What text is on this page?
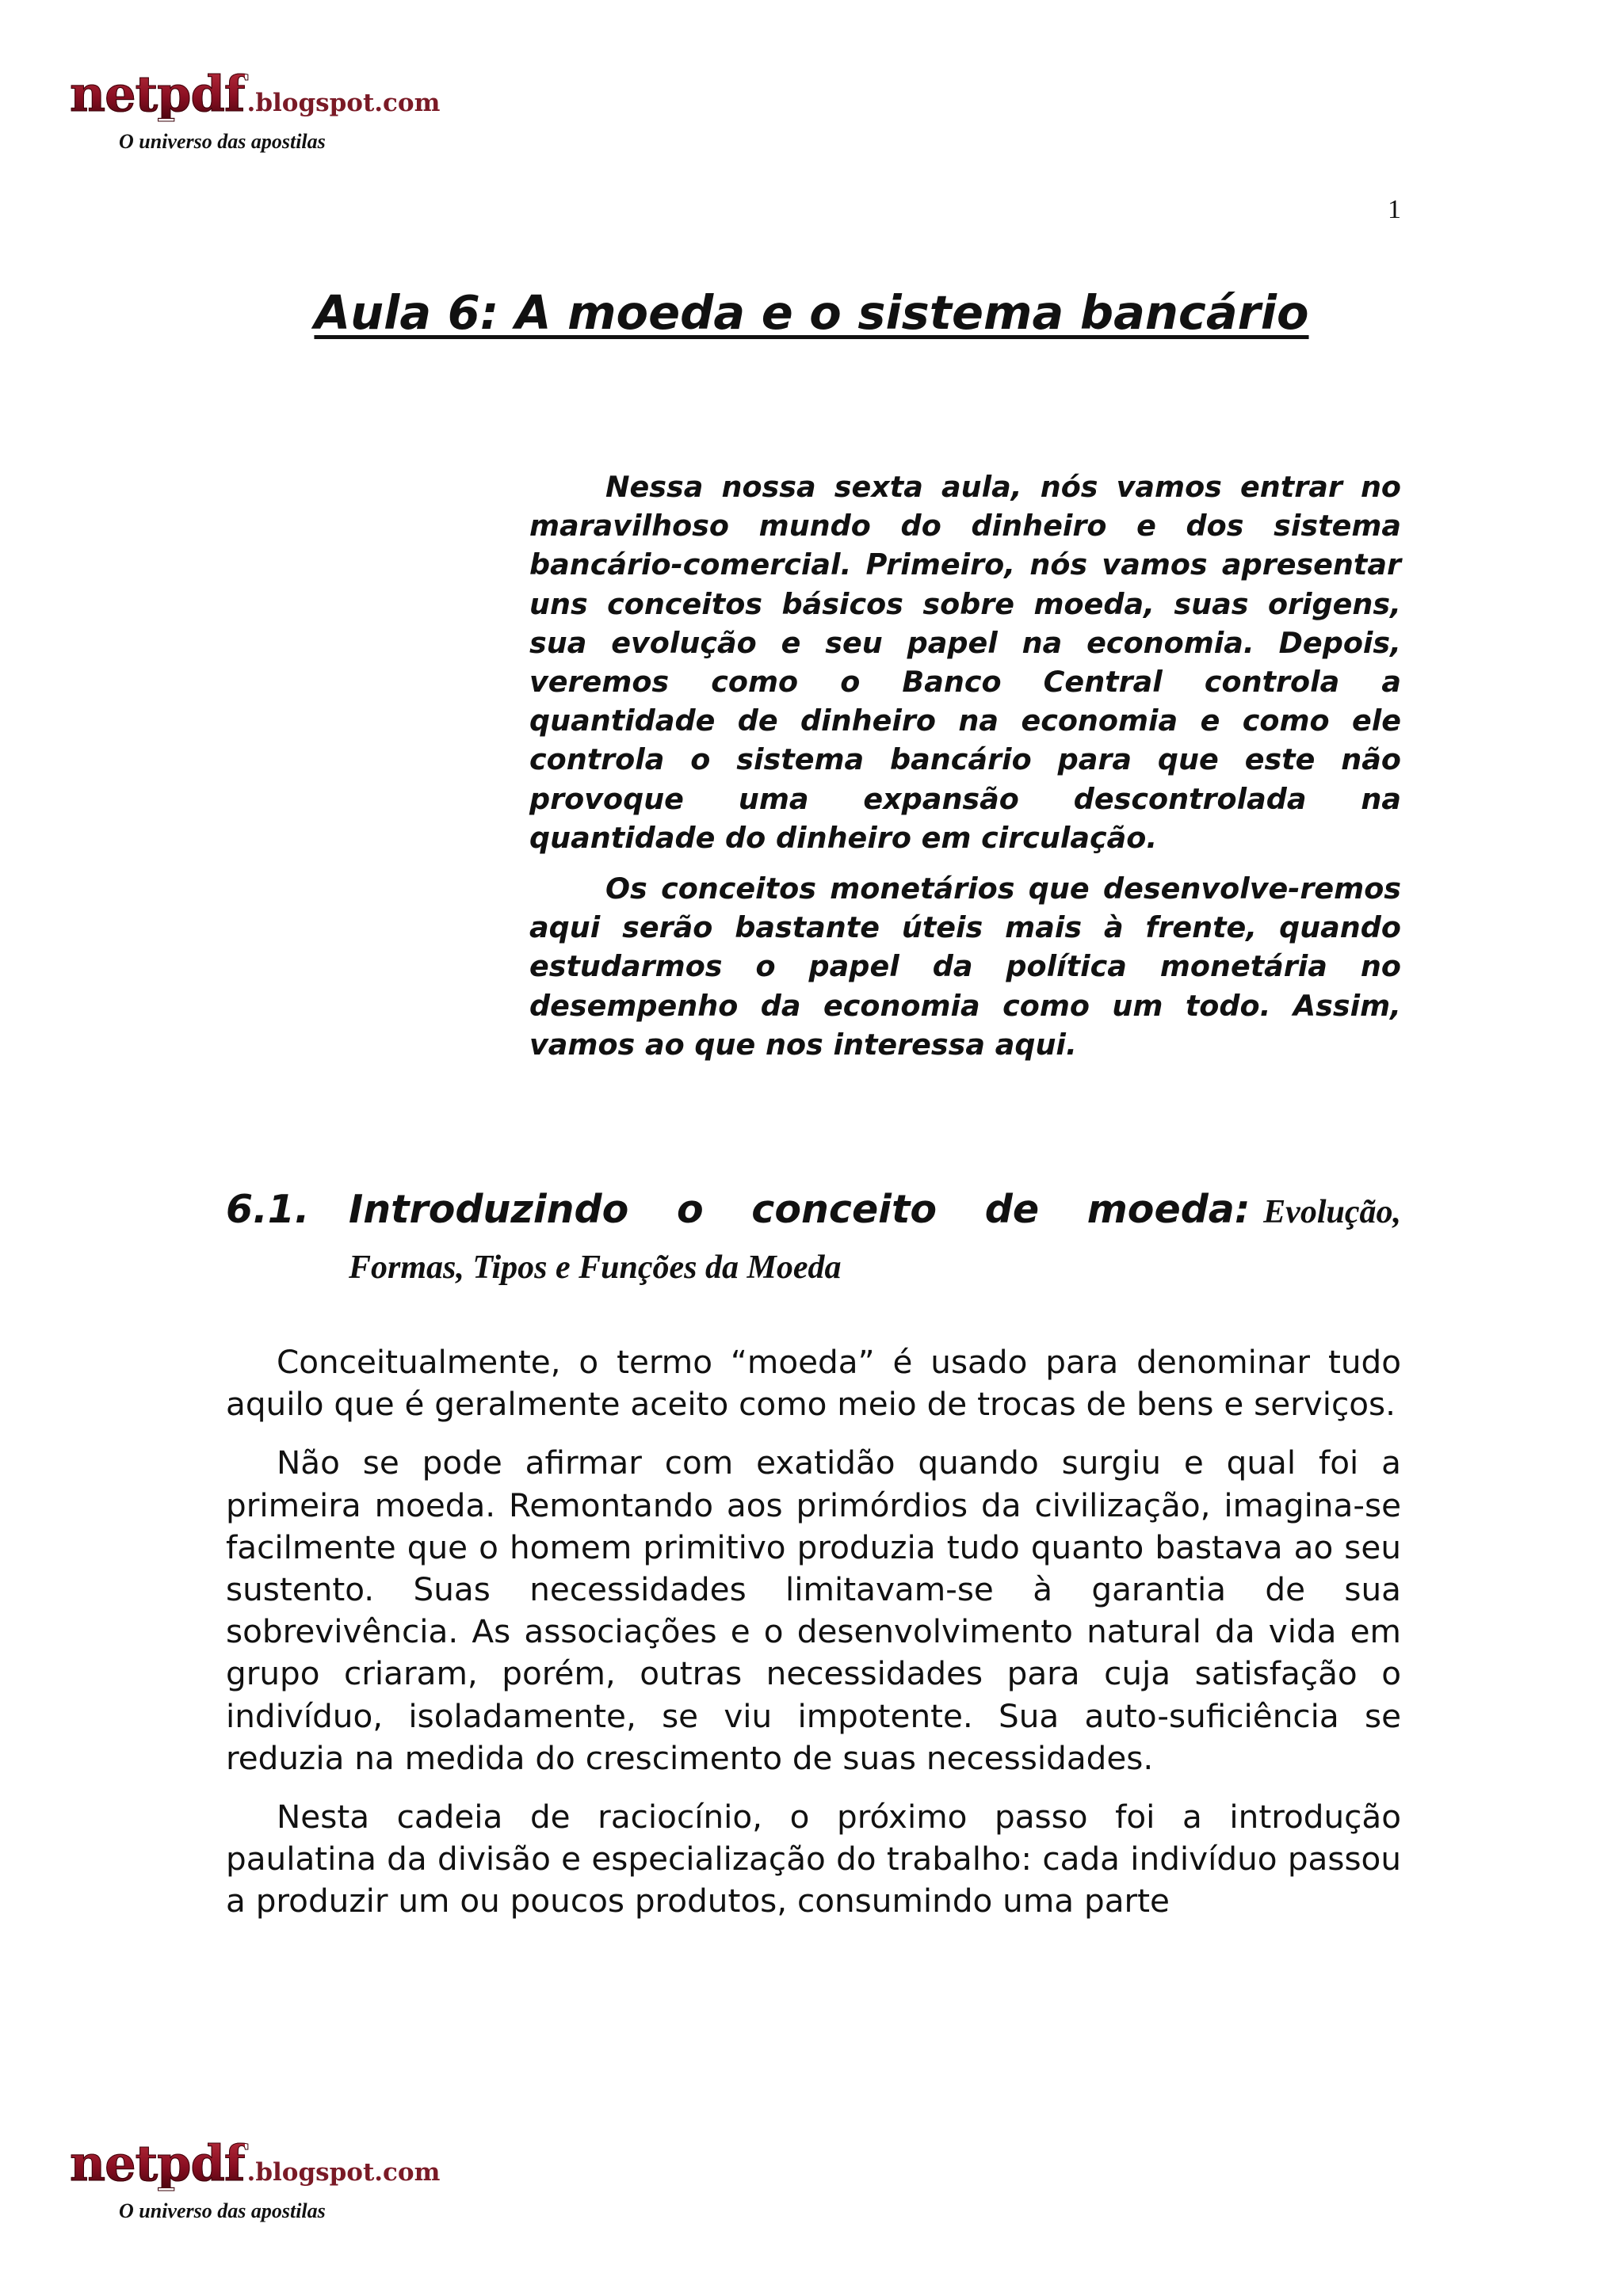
netpdf .blogspot.com
O universo das apostilas
1
Aula 6: A moeda e o sistema bancário

Nessa nossa sexta aula, nós vamos entrar no maravilhoso mundo do dinheiro e dos sistema bancário-comercial. Primeiro, nós vamos apresentar uns conceitos básicos sobre moeda, suas origens, sua evolução e seu papel na economia. Depois, veremos como o Banco Central controla a quantidade de dinheiro na economia e como ele controla o sistema bancário para que este não provoque uma expansão descontrolada na quantidade do dinheiro em circulação.

Os conceitos monetários que desenvolve-remos aqui serão bastante úteis mais à frente, quando estudarmos o papel da política monetária no desempenho da economia como um todo. Assim, vamos ao que nos interessa aqui.

6.1.	Introduzindo o conceito de moeda: Evolução, Formas, Tipos e Funções da Moeda

Conceitualmente, o termo “moeda” é usado para denominar tudo aquilo que é geralmente aceito como meio de trocas de bens e serviços.

Não se pode afirmar com exatidão quando surgiu e qual foi a primeira moeda. Remontando aos primórdios da civilização, imagina-se facilmente que o homem primitivo produzia tudo quanto bastava ao seu sustento. Suas necessidades limitavam-se à garantia de sua sobrevivência. As associações e o desenvolvimento natural da vida em grupo criaram, porém, outras necessidades para cuja satisfação o indivíduo, isoladamente, se viu impotente. Sua auto-suficiência se reduzia na medida do crescimento de suas necessidades.

Nesta cadeia de raciocínio, o próximo passo foi a introdução paulatina da divisão e especialização do trabalho: cada indivíduo passou a produzir um ou poucos produtos, consumindo uma parte

netpdf .blogspot.com
O universo das apostilas
